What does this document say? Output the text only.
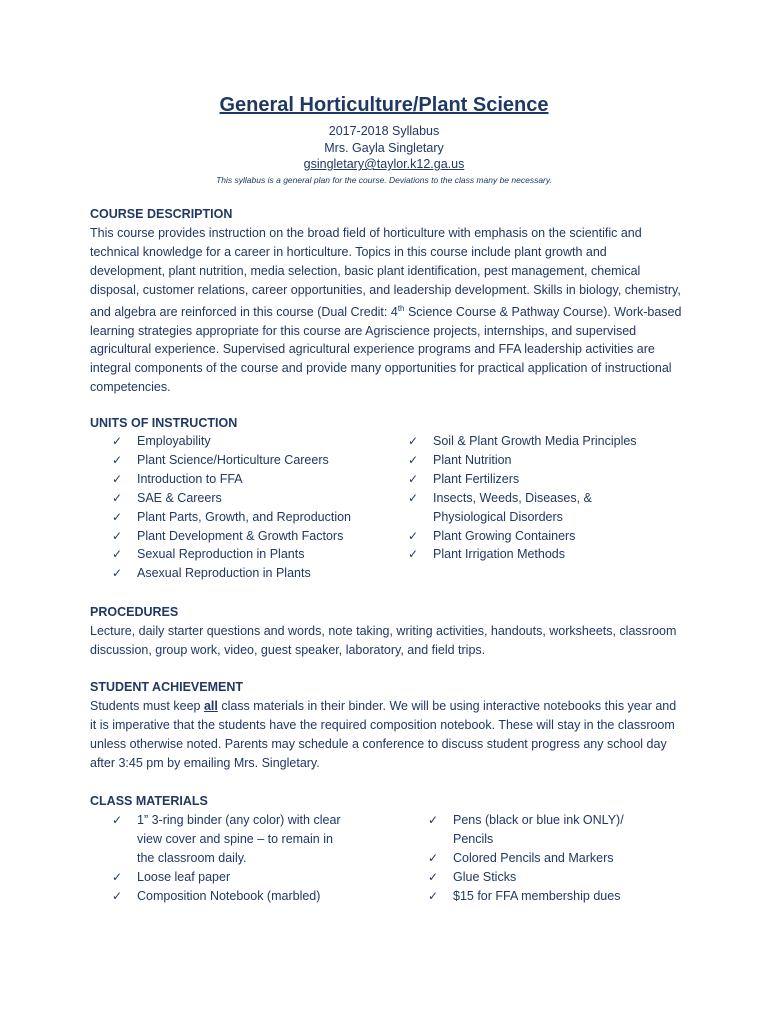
General Horticulture/Plant Science
2017-2018 Syllabus
Mrs. Gayla Singletary
gsingletary@taylor.k12.ga.us
This syllabus is a general plan for the course. Deviations to the class many be necessary.
COURSE DESCRIPTION
This course provides instruction on the broad field of horticulture with emphasis on the scientific and technical knowledge for a career in horticulture. Topics in this course include plant growth and development, plant nutrition, media selection, basic plant identification, pest management, chemical disposal, customer relations, career opportunities, and leadership development. Skills in biology, chemistry, and algebra are reinforced in this course (Dual Credit: 4th Science Course & Pathway Course). Work-based learning strategies appropriate for this course are Agriscience projects, internships, and supervised agricultural experience. Supervised agricultural experience programs and FFA leadership activities are integral components of the course and provide many opportunities for practical application of instructional competencies.
UNITS OF INSTRUCTION
✓ Employability
✓ Plant Science/Horticulture Careers
✓ Introduction to FFA
✓ SAE & Careers
✓ Plant Parts, Growth, and Reproduction
✓ Plant Development & Growth Factors
✓ Sexual Reproduction in Plants
✓ Asexual Reproduction in Plants
✓ Soil & Plant Growth Media Principles
✓ Plant Nutrition
✓ Plant Fertilizers
✓ Insects, Weeds, Diseases, & Physiological Disorders
✓ Plant Growing Containers
✓ Plant Irrigation Methods
PROCEDURES
Lecture, daily starter questions and words, note taking, writing activities, handouts, worksheets, classroom discussion, group work, video, guest speaker, laboratory, and field trips.
STUDENT ACHIEVEMENT
Students must keep all class materials in their binder. We will be using interactive notebooks this year and it is imperative that the students have the required composition notebook. These will stay in the classroom unless otherwise noted. Parents may schedule a conference to discuss student progress any school day after 3:45 pm by emailing Mrs. Singletary.
CLASS MATERIALS
✓ 1” 3-ring binder (any color) with clear view cover and spine – to remain in the classroom daily.
✓ Loose leaf paper
✓ Composition Notebook (marbled)
✓ Pens (black or blue ink ONLY)/ Pencils
✓ Colored Pencils and Markers
✓ Glue Sticks
✓ $15 for FFA membership dues
